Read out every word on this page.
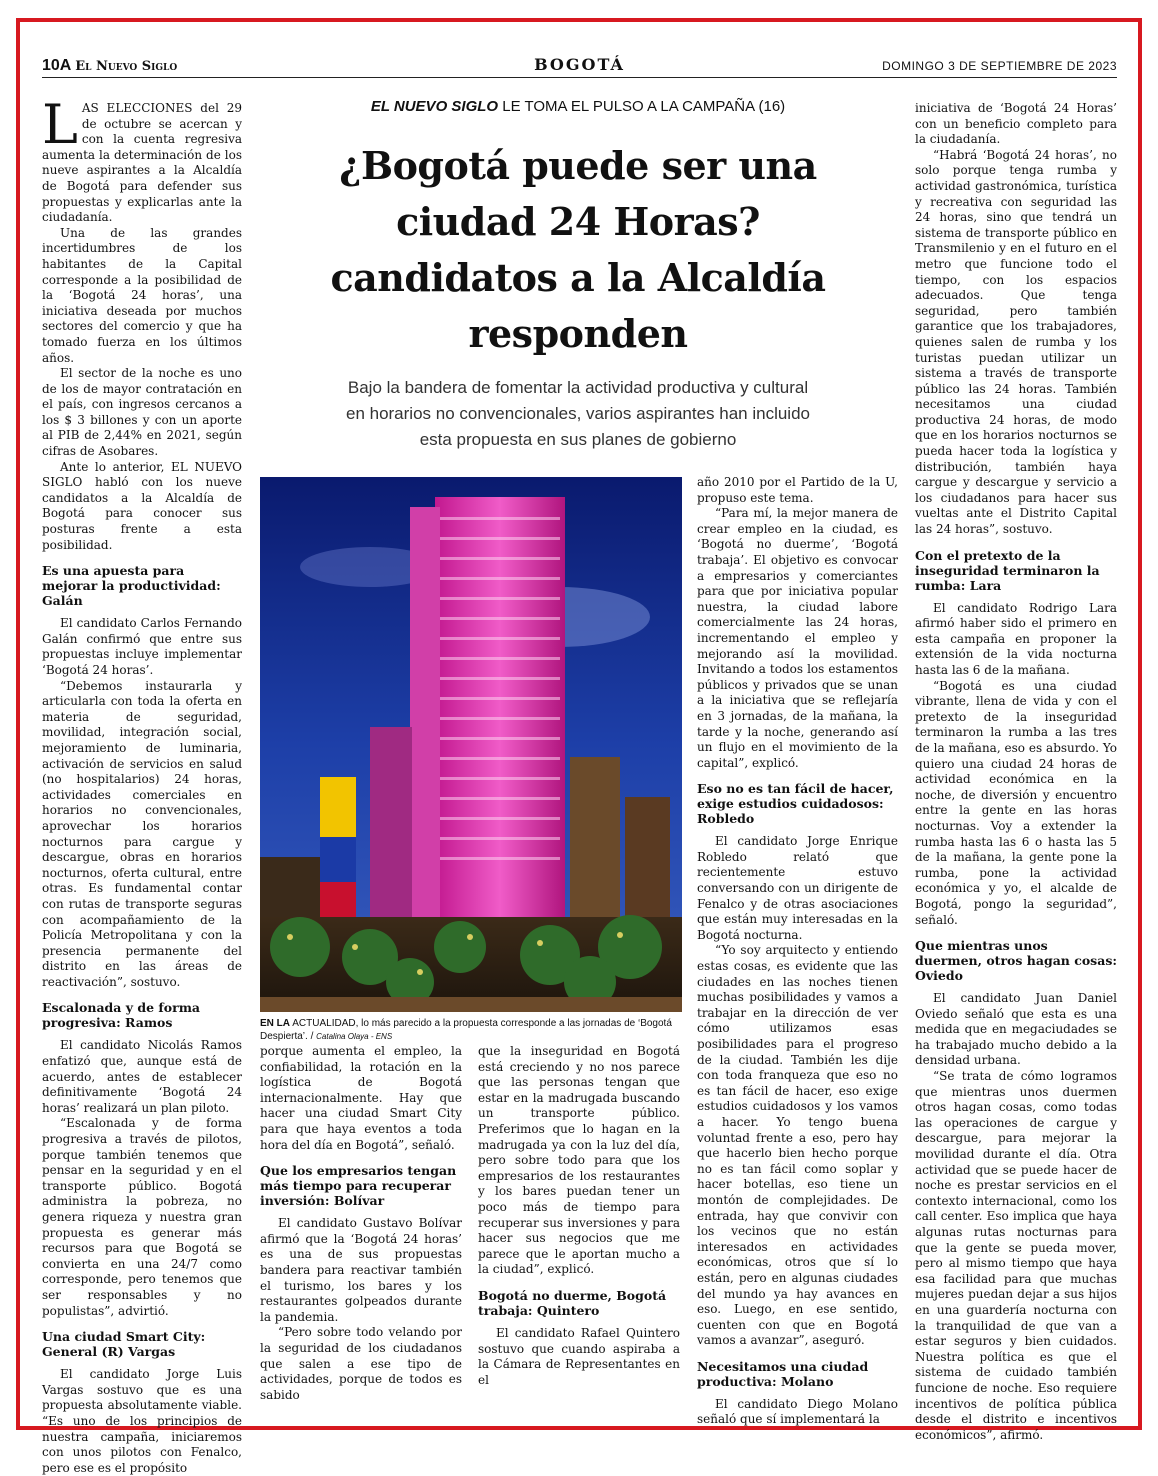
10A El Nuevo Siglo	BOGOTÁ	DOMINGO 3 DE SEPTIEMBRE DE 2023
EL NUEVO SIGLO LE TOMA EL PULSO A LA CAMPAÑA (16)
¿Bogotá puede ser una
ciudad 24 Horas?
candidatos a la Alcaldía
responden
Bajo la bandera de fomentar la actividad productiva y cultural
en horarios no convencionales, varios aspirantes han incluido
esta propuesta en sus planes de gobierno
EN LA ACTUALIDAD, lo más parecido a la propuesta corresponde a las jornadas de ‘Bogotá Despierta’. / Catalina Olaya - ENS

LAS ELECCIONES del 29 de octubre se acercan y con la cuenta regresiva aumenta la determinación de los nueve aspirantes a la Alcaldía de Bogotá para defender sus propuestas y explicarlas ante la ciudadanía.

Una de las grandes incertidumbres de los habitantes de la Capital corresponde a la posibilidad de la ‘Bogotá 24 horas’, una iniciativa deseada por muchos sectores del comercio y que ha tomado fuerza en los últimos años.

El sector de la noche es uno de los de mayor contratación en el país, con ingresos cercanos a los $ 3 billones y con un aporte al PIB de 2,44% en 2021, según cifras de Asobares.

Ante lo anterior, EL NUEVO SIGLO habló con los nueve candidatos a la Alcaldía de Bogotá para conocer sus posturas frente a esta posibilidad.

Es una apuesta para mejorar la productividad: Galán

El candidato Carlos Fernando Galán confirmó que entre sus propuestas incluye implementar ‘Bogotá 24 horas’.

“Debemos instaurarla y articularla con toda la oferta en materia de seguridad, movilidad, integración social, mejoramiento de luminaria, activación de servicios en salud (no hospitalarios) 24 horas, actividades comerciales en horarios no convencionales, aprovechar los horarios nocturnos para cargue y descargue, obras en horarios nocturnos, oferta cultural, entre otras. Es fundamental contar con rutas de transporte seguras con acompañamiento de la Policía Metropolitana y con la presencia permanente del distrito en las áreas de reactivación”, sostuvo.

Escalonada y de forma progresiva: Ramos

El candidato Nicolás Ramos enfatizó que, aunque está de acuerdo, antes de establecer definitivamente ‘Bogotá 24 horas’ realizará un plan piloto.

“Escalonada y de forma progresiva a través de pilotos, porque también tenemos que pensar en la seguridad y en el transporte público. Bogotá administra la pobreza, no genera riqueza y nuestra gran propuesta es generar más recursos para que Bogotá se convierta en una 24/7 como corresponde, pero tenemos que ser responsables y no populistas”, advirtió.

Una ciudad Smart City: General (R) Vargas

El candidato Jorge Luis Vargas sostuvo que es una propuesta absolutamente viable. “Es uno de los principios de nuestra campaña, iniciaremos con unos pilotos con Fenalco, pero ese es el propósito

porque aumenta el empleo, la confiabilidad, la rotación en la logística de Bogotá internacionalmente. Hay que hacer una ciudad Smart City para que haya eventos a toda hora del día en Bogotá”, señaló.

Que los empresarios tengan más tiempo para recuperar inversión: Bolívar

El candidato Gustavo Bolívar afirmó que la ‘Bogotá 24 horas’ es una de sus propuestas bandera para reactivar también el turismo, los bares y los restaurantes golpeados durante la pandemia.

“Pero sobre todo velando por la seguridad de los ciudadanos que salen a ese tipo de actividades, porque de todos es sabido

que la inseguridad en Bogotá está creciendo y no nos parece que las personas tengan que estar en la madrugada buscando un transporte público. Preferimos que lo hagan en la madrugada ya con la luz del día, pero sobre todo para que los empresarios de los restaurantes y los bares puedan tener un poco más de tiempo para recuperar sus inversiones y para hacer sus negocios que me parece que le aportan mucho a la ciudad”, explicó.

Bogotá no duerme, Bogotá trabaja: Quintero

El candidato Rafael Quintero sostuvo que cuando aspiraba a la Cámara de Representantes en el

año 2010 por el Partido de la U, propuso este tema.

“Para mí, la mejor manera de crear empleo en la ciudad, es ‘Bogotá no duerme’, ‘Bogotá trabaja’. El objetivo es convocar a empresarios y comerciantes para que por iniciativa popular nuestra, la ciudad labore comercialmente las 24 horas, incrementando el empleo y mejorando así la movilidad. Invitando a todos los estamentos públicos y privados que se unan a la iniciativa que se reflejaría en 3 jornadas, de la mañana, la tarde y la noche, generando así un flujo en el movimiento de la capital”, explicó.

Eso no es tan fácil de hacer, exige estudios cuidadosos: Robledo

El candidato Jorge Enrique Robledo relató que recientemente estuvo conversando con un dirigente de Fenalco y de otras asociaciones que están muy interesadas en la Bogotá nocturna.

“Yo soy arquitecto y entiendo estas cosas, es evidente que las ciudades en las noches tienen muchas posibilidades y vamos a trabajar en la dirección de ver cómo utilizamos esas posibilidades para el progreso de la ciudad. También les dije con toda franqueza que eso no es tan fácil de hacer, eso exige estudios cuidadosos y los vamos a hacer. Yo tengo buena voluntad frente a eso, pero hay que hacerlo bien hecho porque no es tan fácil como soplar y hacer botellas, eso tiene un montón de complejidades. De entrada, hay que convivir con los vecinos que no están interesados en actividades económicas, otros que sí lo están, pero en algunas ciudades del mundo ya hay avances en eso. Luego, en ese sentido, cuenten con que en Bogotá vamos a avanzar”, aseguró.

Necesitamos una ciudad productiva: Molano

El candidato Diego Molano señaló que sí implementará la

iniciativa de ‘Bogotá 24 Horas’ con un beneficio completo para la ciudadanía.

“Habrá ‘Bogotá 24 horas’, no solo porque tenga rumba y actividad gastronómica, turística y recreativa con seguridad las 24 horas, sino que tendrá un sistema de transporte público en Transmilenio y en el futuro en el metro que funcione todo el tiempo, con los espacios adecuados. Que tenga seguridad, pero también garantice que los trabajadores, quienes salen de rumba y los turistas puedan utilizar un sistema a través de transporte público las 24 horas. También necesitamos una ciudad productiva 24 horas, de modo que en los horarios nocturnos se pueda hacer toda la logística y distribución, también haya cargue y descargue y servicio a los ciudadanos para hacer sus vueltas ante el Distrito Capital las 24 horas”, sostuvo.

Con el pretexto de la inseguridad terminaron la rumba: Lara

El candidato Rodrigo Lara afirmó haber sido el primero en esta campaña en proponer la extensión de la vida nocturna hasta las 6 de la mañana.

“Bogotá es una ciudad vibrante, llena de vida y con el pretexto de la inseguridad terminaron la rumba a las tres de la mañana, eso es absurdo. Yo quiero una ciudad 24 horas de actividad económica en la noche, de diversión y encuentro entre la gente en las horas nocturnas. Voy a extender la rumba hasta las 6 o hasta las 5 de la mañana, la gente pone la rumba, pone la actividad económica y yo, el alcalde de Bogotá, pongo la seguridad”, señaló.

Que mientras unos duermen, otros hagan cosas: Oviedo

El candidato Juan Daniel Oviedo señaló que esta es una medida que en megaciudades se ha trabajado mucho debido a la densidad urbana.

“Se trata de cómo logramos que mientras unos duermen otros hagan cosas, como todas las operaciones de cargue y descargue, para mejorar la movilidad durante el día. Otra actividad que se puede hacer de noche es prestar servicios en el contexto internacional, como los call center. Eso implica que haya algunas rutas nocturnas para que la gente se pueda mover, pero al mismo tiempo que haya esa facilidad para que muchas mujeres puedan dejar a sus hijos en una guardería nocturna con la tranquilidad de que van a estar seguros y bien cuidados. Nuestra política es que el sistema de cuidado también funcione de noche. Eso requiere incentivos de política pública desde el distrito e incentivos económicos”, afirmó.
